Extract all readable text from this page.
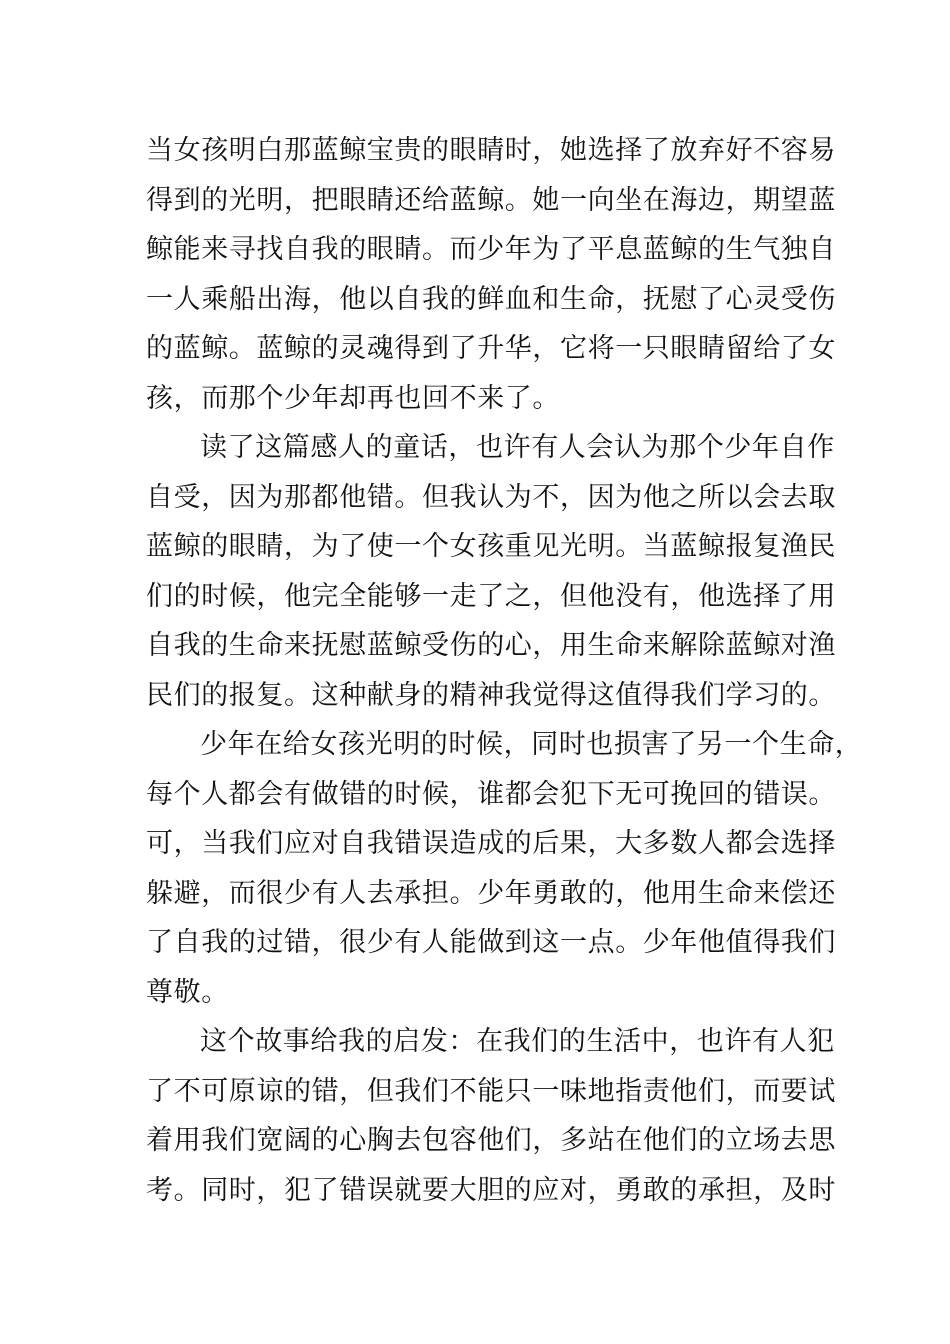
当女孩明白那蓝鲸宝贵的眼睛时，她选择了放弃好不容易
得到的光明，把眼睛还给蓝鲸。她一向坐在海边，期望蓝
鲸能来寻找自我的眼睛。而少年为了平息蓝鲸的生气独自
一人乘船出海，他以自我的鲜血和生命，抚慰了心灵受伤
的蓝鲸。蓝鲸的灵魂得到了升华，它将一只眼睛留给了女
孩，而那个少年却再也回不来了。
读了这篇感人的童话，也许有人会认为那个少年自作
自受，因为那都他错。但我认为不，因为他之所以会去取
蓝鲸的眼睛，为了使一个女孩重见光明。当蓝鲸报复渔民
们的时候，他完全能够一走了之，但他没有，他选择了用
自我的生命来抚慰蓝鲸受伤的心，用生命来解除蓝鲸对渔
民们的报复。这种献身的精神我觉得这值得我们学习的。
少年在给女孩光明的时候，同时也损害了另一个生命，
每个人都会有做错的时候，谁都会犯下无可挽回的错误。
可，当我们应对自我错误造成的后果，大多数人都会选择
躲避，而很少有人去承担。少年勇敢的，他用生命来偿还
了自我的过错，很少有人能做到这一点。少年他值得我们
尊敬。
这个故事给我的启发：在我们的生活中，也许有人犯
了不可原谅的错，但我们不能只一味地指责他们，而要试
着用我们宽阔的心胸去包容他们，多站在他们的立场去思
考。同时，犯了错误就要大胆的应对，勇敢的承担，及时
